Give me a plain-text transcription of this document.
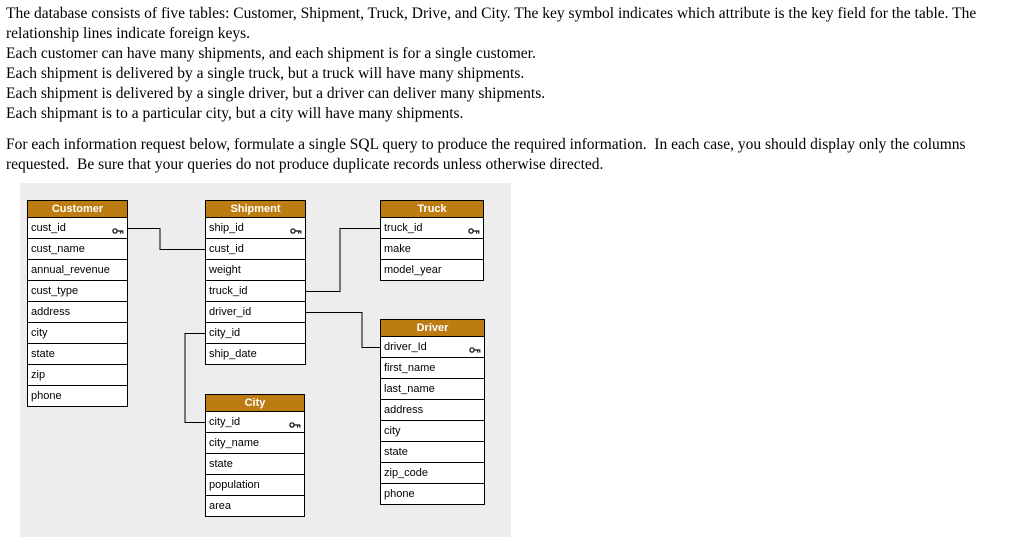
The database consists of five tables: Customer, Shipment, Truck, Drive, and City. The key symbol indicates which attribute is the key field for the table. The
relationship lines indicate foreign keys.
Each customer can have many shipments, and each shipment is for a single customer.
Each shipment is delivered by a single truck, but a truck will have many shipments.
Each shipment is delivered by a single driver, but a driver can deliver many shipments.
Each shipmant is to a particular city, but a city will have many shipments.
For each information request below, formulate a single SQL query to produce the required information.  In each case, you should display only the columns
requested.  Be sure that your queries do not produce duplicate records unless otherwise directed.
Customer
cust_id
cust_name
annual_revenue
cust_type
address
city
state
zip
phone
Shipment
ship_id
cust_id
weight
truck_id
driver_id
city_id
ship_date
Truck
truck_id
make
model_year
Driver
driver_Id
first_name
last_name
address
city
state
zip_code
phone
City
city_id
city_name
state
population
area
